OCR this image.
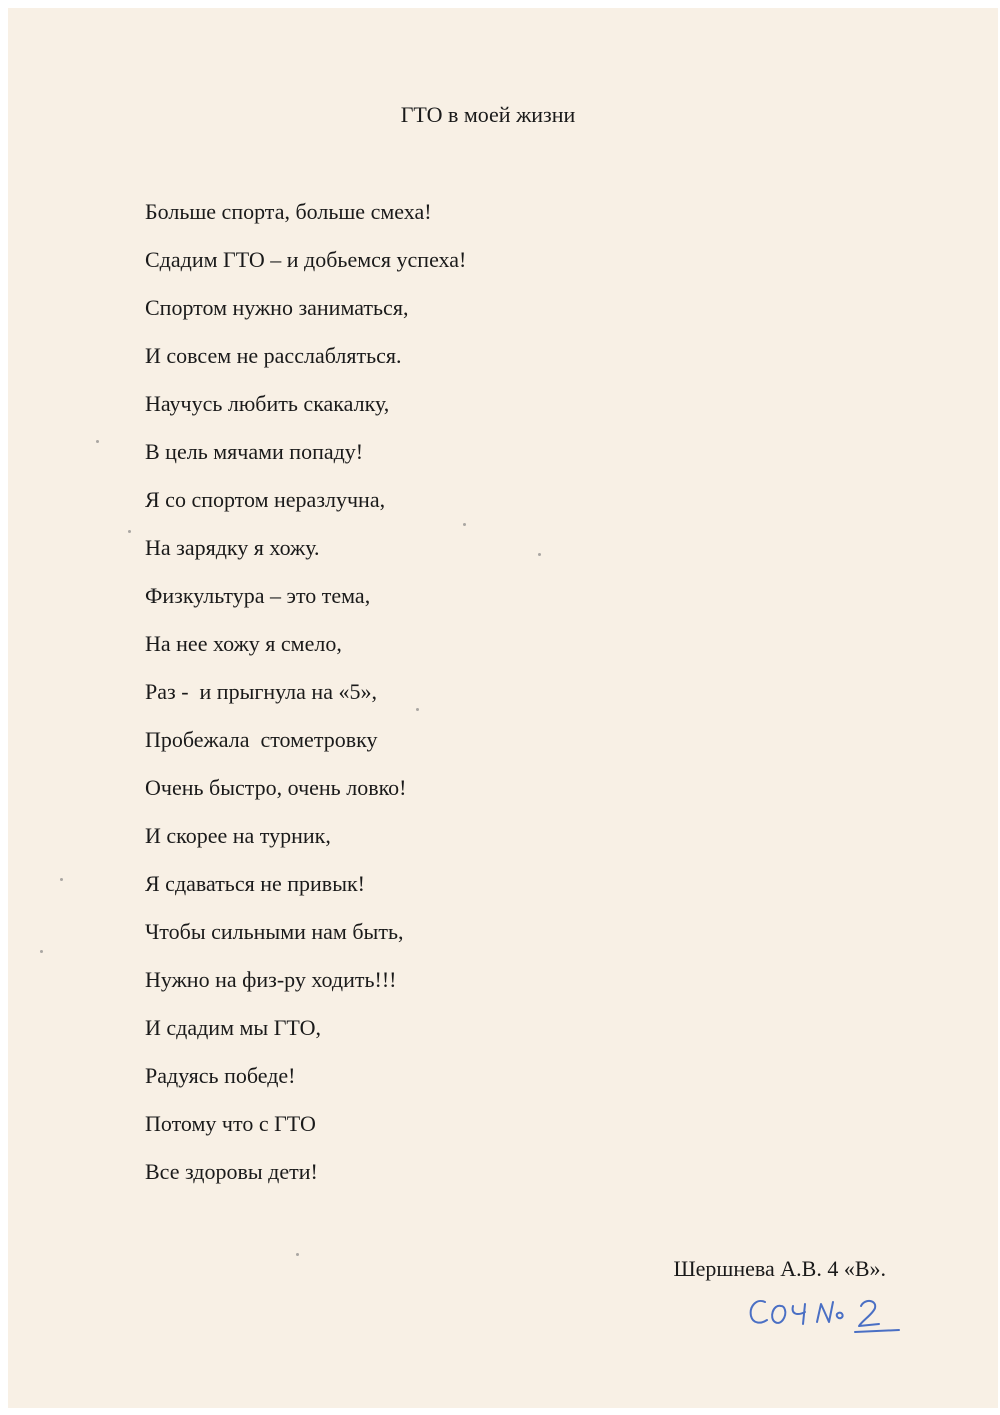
ГТО в моей жизни
Больше спорта, больше смеха!
Сдадим ГТО – и добьемся успеха!
Спортом нужно заниматься,
И совсем не расслабляться.
Научусь любить скакалку,
В цель мячами попаду!
Я со спортом неразлучна,
На зарядку я хожу.
Физкультура – это тема,
На нее хожу я смело,
Раз -  и прыгнула на «5»,
Пробежала  стометровку
Очень быстро, очень ловко!
И скорее на турник,
Я сдаваться не привык!
Чтобы сильными нам быть,
Нужно на физ-ру ходить!!!
И сдадим мы ГТО,
Радуясь победе!
Потому что с ГТО
Все здоровы дети!
Шершнева А.В. 4 «В».
